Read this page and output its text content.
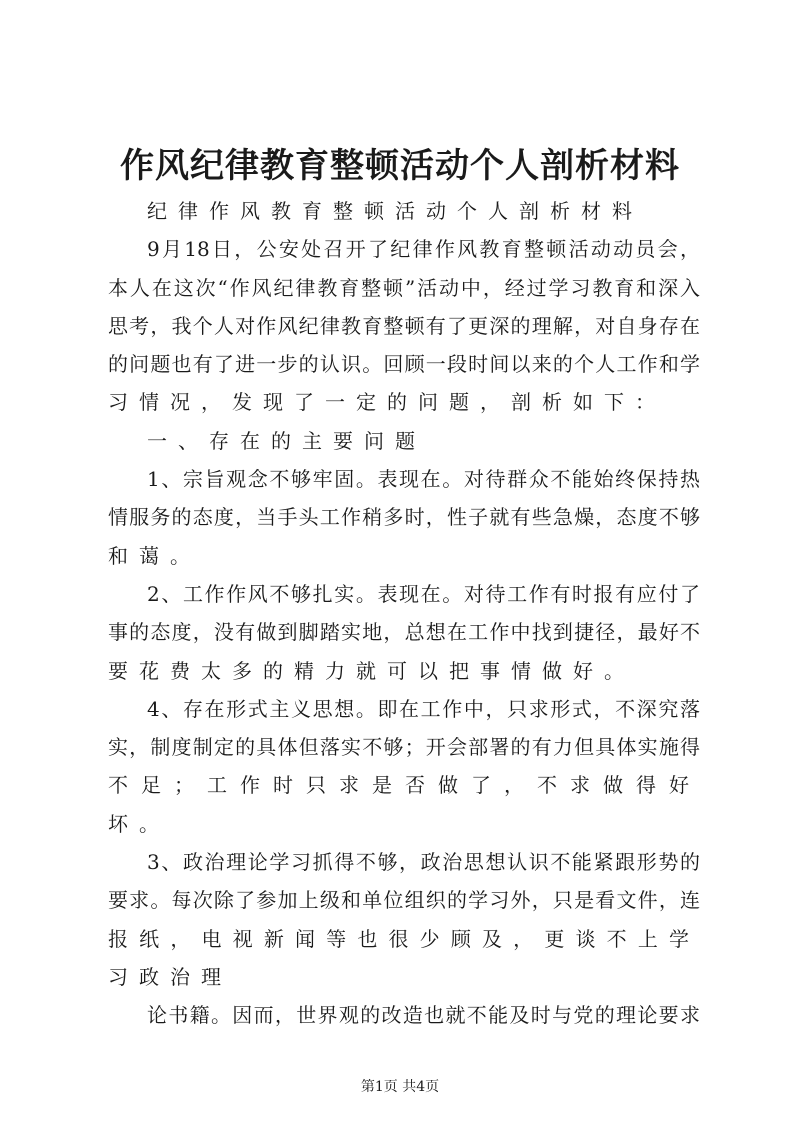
作风纪律教育整顿活动个人剖析材料
纪律作风教育整顿活动个人剖析材料
9月18日，公安处召开了纪律作风教育整顿活动动员会，
本人在这次“作风纪律教育整顿”活动中，经过学习教育和深入
思考，我个人对作风纪律教育整顿有了更深的理解，对自身存在
的问题也有了进一步的认识。回顾一段时间以来的个人工作和学
习情况，发现了一定的问题，剖析如下：
一、存在的主要问题
1、宗旨观念不够牢固。表现在。对待群众不能始终保持热
情服务的态度，当手头工作稍多时，性子就有些急燥，态度不够
和蔼。
2、工作作风不够扎实。表现在。对待工作有时报有应付了
事的态度，没有做到脚踏实地，总想在工作中找到捷径，最好不
要花费太多的精力就可以把事情做好。
4、存在形式主义思想。即在工作中，只求形式，不深究落
实，制度制定的具体但落实不够；开会部署的有力但具体实施得
不足；工作时只求是否做了，不求做得好坏。
3、政治理论学习抓得不够，政治思想认识不能紧跟形势的
要求。每次除了参加上级和单位组织的学习外，只是看文件，连
报纸，电视新闻等也很少顾及，更谈不上学习政治理
论书籍。因而，世界观的改造也就不能及时与党的理论要求
第1页 共4页
